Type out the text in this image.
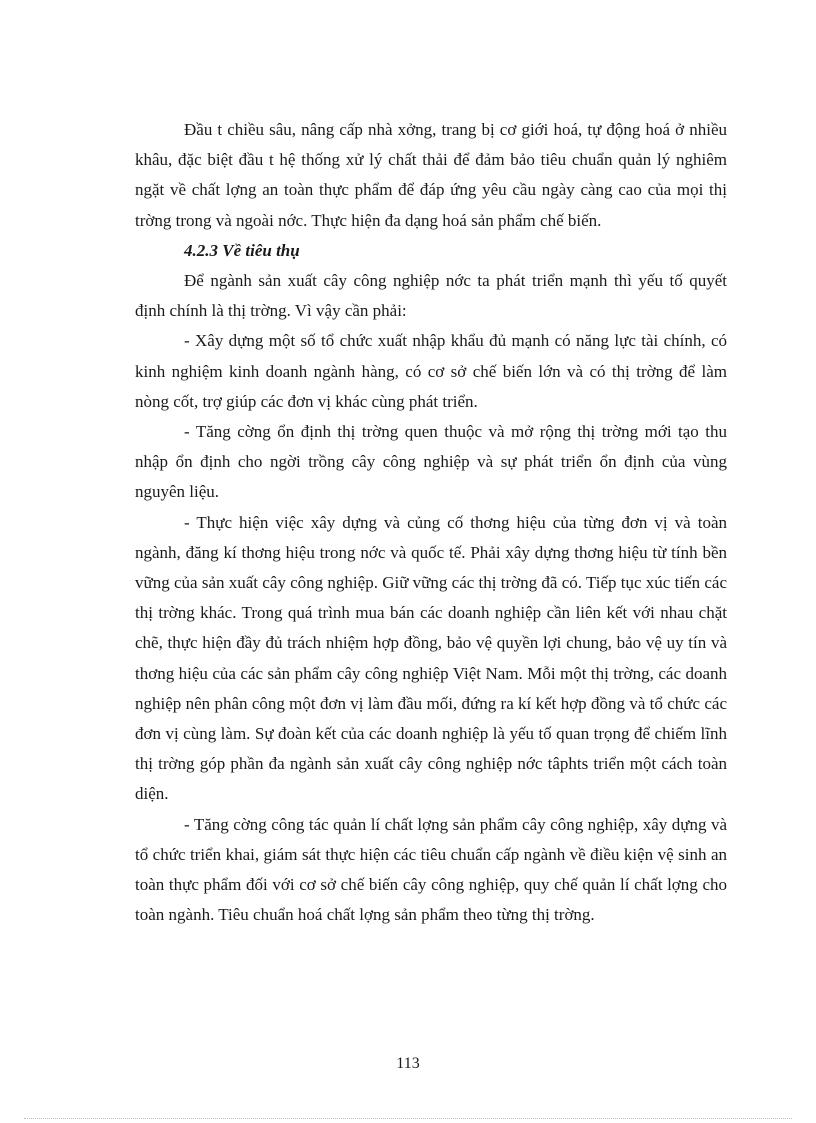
Đầu t chiều sâu, nâng cấp nhà xởng, trang bị cơ giới hoá, tự động hoá ở nhiều khâu, đặc biệt đầu t hệ thống xử lý chất thải để đảm bảo tiêu chuẩn quản lý nghiêm ngặt về chất lợng an toàn thực phẩm để đáp ứng yêu cầu ngày càng cao của mọi thị trờng trong và ngoài nớc. Thực hiện đa dạng hoá sản phẩm chế biến.

4.2.3 Về tiêu thụ

Để ngành sản xuất cây công nghiệp nớc ta phát triển mạnh thì yếu tố quyết định chính là thị trờng. Vì vậy cần phải:

- Xây dựng một số tổ chức xuất nhập khẩu đủ mạnh có năng lực tài chính, có kinh nghiệm kinh doanh ngành hàng, có cơ sở chế biến lớn và có thị trờng để làm nòng cốt, trợ giúp các đơn vị khác cùng phát triển.

- Tăng cờng ổn định thị trờng quen thuộc và mở rộng thị trờng mới tạo thu nhập ổn định cho ngời trồng cây công nghiệp và sự phát triển ổn định của vùng nguyên liệu.

- Thực hiện việc xây dựng và củng cố thơng hiệu của từng đơn vị và toàn ngành, đăng kí thơng hiệu trong nớc và quốc tế. Phải xây dựng thơng hiệu từ tính bền vững của sản xuất cây công nghiệp. Giữ vững các thị trờng đã có. Tiếp tục xúc tiến các thị trờng khác. Trong quá trình mua bán các doanh nghiệp cần liên kết với nhau chặt chẽ, thực hiện đầy đủ trách nhiệm hợp đồng, bảo vệ quyền lợi chung, bảo vệ uy tín và thơng hiệu của các sản phẩm cây công nghiệp Việt Nam. Mỗi một thị trờng, các doanh nghiệp nên phân công một đơn vị làm đầu mối, đứng ra kí kết hợp đồng và tổ chức các đơn vị cùng làm. Sự đoàn kết của các doanh nghiệp là yếu tố quan trọng để chiếm lĩnh thị trờng góp phần đa ngành sản xuất cây công nghiệp nớc tâphts triển một cách toàn diện.

- Tăng cờng công tác quản lí chất lợng sản phẩm cây công nghiệp, xây dựng và tổ chức triển khai, giám sát thực hiện các tiêu chuẩn cấp ngành về điều kiện vệ sinh an toàn thực phẩm đối với cơ sở chế biến cây công nghiệp, quy chế quản lí chất lợng cho toàn ngành. Tiêu chuẩn hoá chất lợng sản phẩm theo từng thị trờng.

113
